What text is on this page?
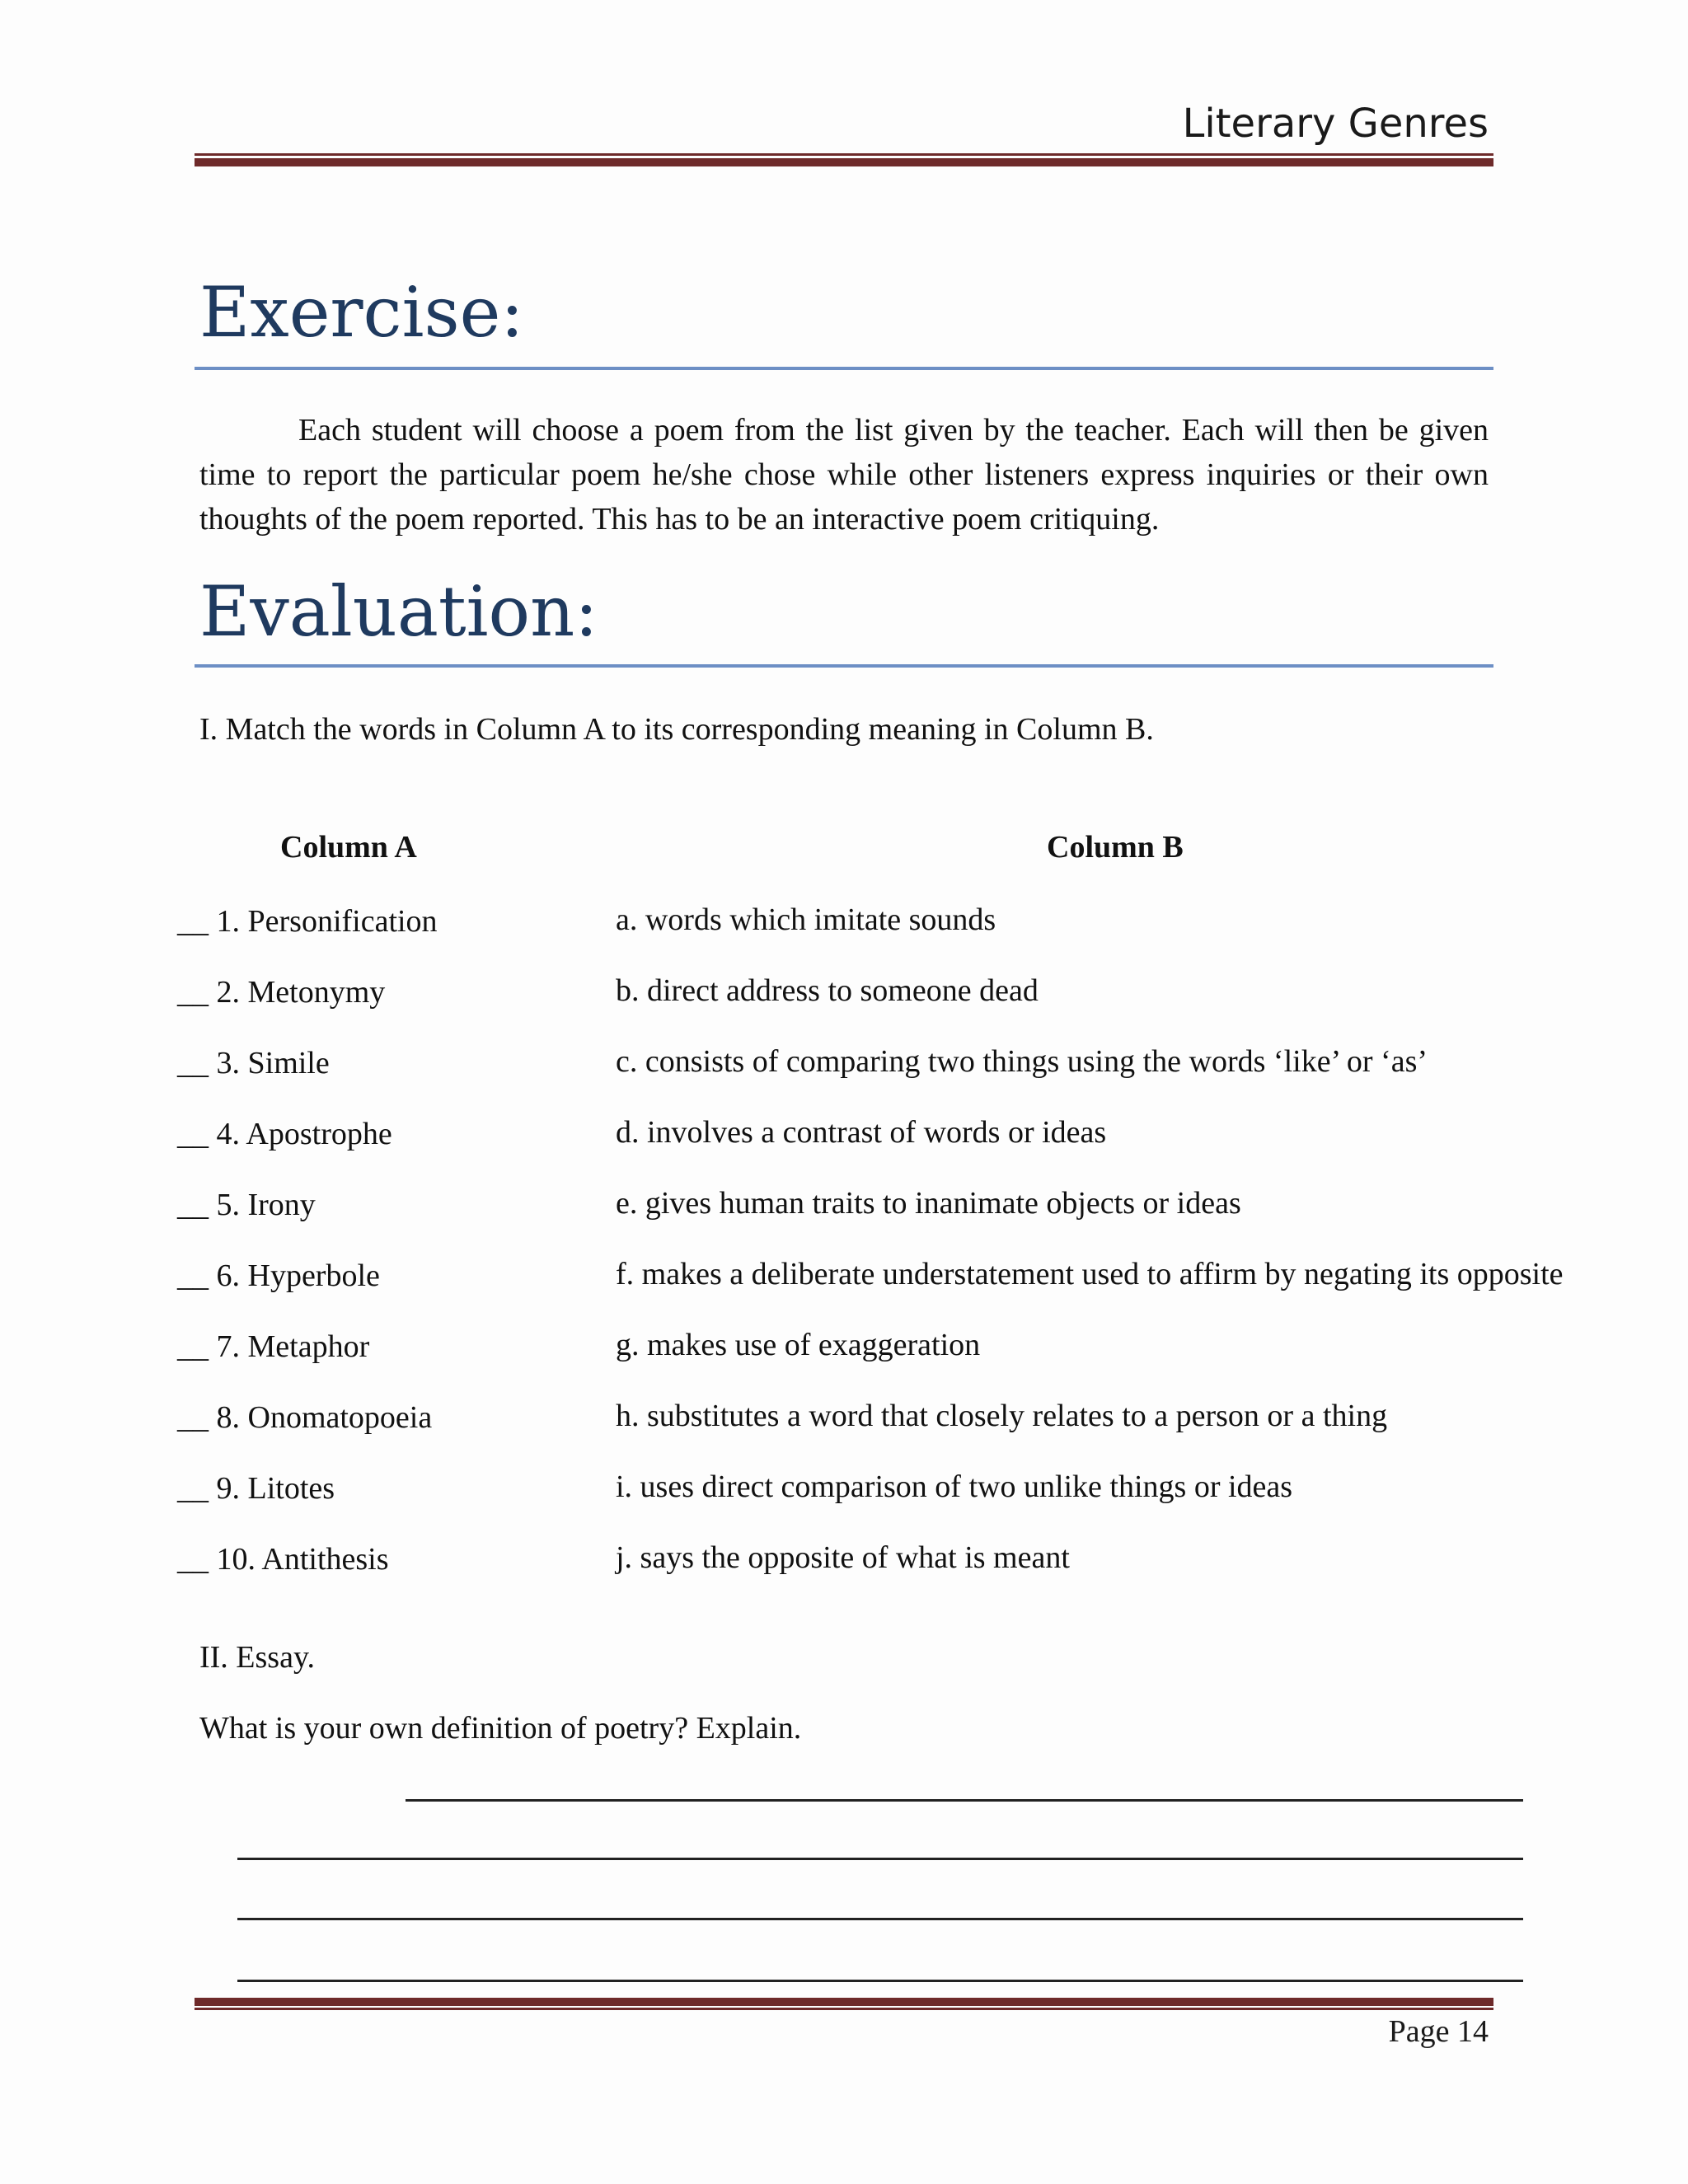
Literary Genres
Exercise:
Each student will choose a poem from the list given by the teacher. Each will then be given time to report the particular poem he/she chose while other listeners express inquiries or their own thoughts of the poem reported. This has to be an interactive poem critiquing.
Evaluation:
I. Match the words in Column A to its corresponding meaning in Column B.
Column A	Column B
__ 1. Personification
__ 2. Metonymy
__ 3. Simile
__ 4. Apostrophe
__ 5. Irony
__ 6. Hyperbole
__ 7. Metaphor
__ 8. Onomatopoeia
__ 9. Litotes
__ 10. Antithesis
a. words which imitate sounds
b. direct address to someone dead
c. consists of comparing two things using the words ‘like’ or ‘as’
d. involves a contrast of words or ideas
e. gives human traits to inanimate objects or ideas
f. makes a deliberate understatement used to affirm by negating its opposite
g. makes use of exaggeration
h. substitutes a word that closely relates to a person or a thing
i. uses direct comparison of two unlike things or ideas
j. says the opposite of what is meant
II. Essay.
What is your own definition of poetry? Explain.
Page 14
